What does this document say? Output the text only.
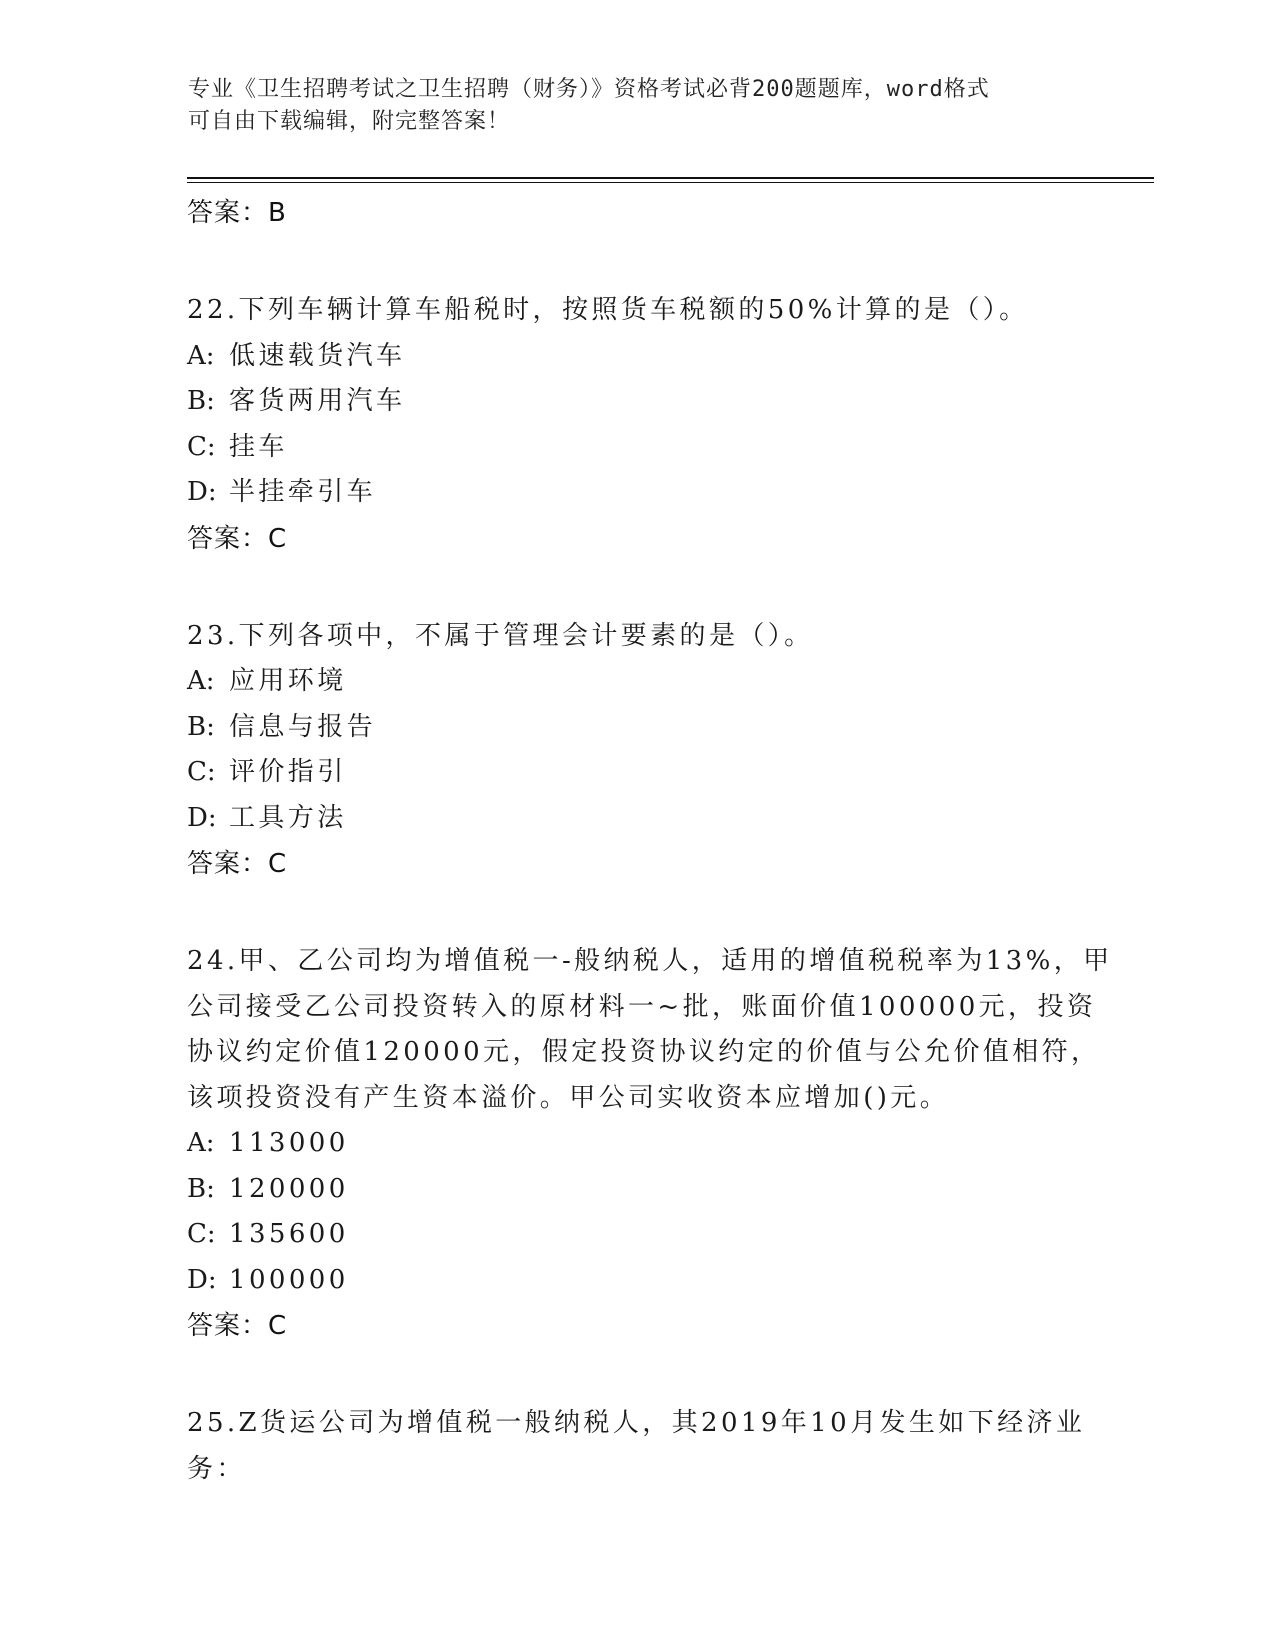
专业《卫生招聘考试之卫生招聘（财务）》资格考试必背200题题库，word格式
可自由下载编辑，附完整答案！
答案：B
22.下列车辆计算车船税时，按照货车税额的50%计算的是（）。
A: 低速载货汽车
B: 客货两用汽车
C: 挂车
D: 半挂牵引车
答案：C
23.下列各项中，不属于管理会计要素的是（）。
A: 应用环境
B: 信息与报告
C: 评价指引
D: 工具方法
答案：C
24.甲、乙公司均为增值税一-般纳税人，适用的增值税税率为13%，甲
公司接受乙公司投资转入的原材料一~批，账面价值100000元，投资
协议约定价值120000元，假定投资协议约定的价值与公允价值相符，
该项投资没有产生资本溢价。甲公司实收资本应增加()元。
A: 113000
B: 120000
C: 135600
D: 100000
答案：C
25.Z货运公司为增值税一般纳税人，其2019年10月发生如下经济业
务：
